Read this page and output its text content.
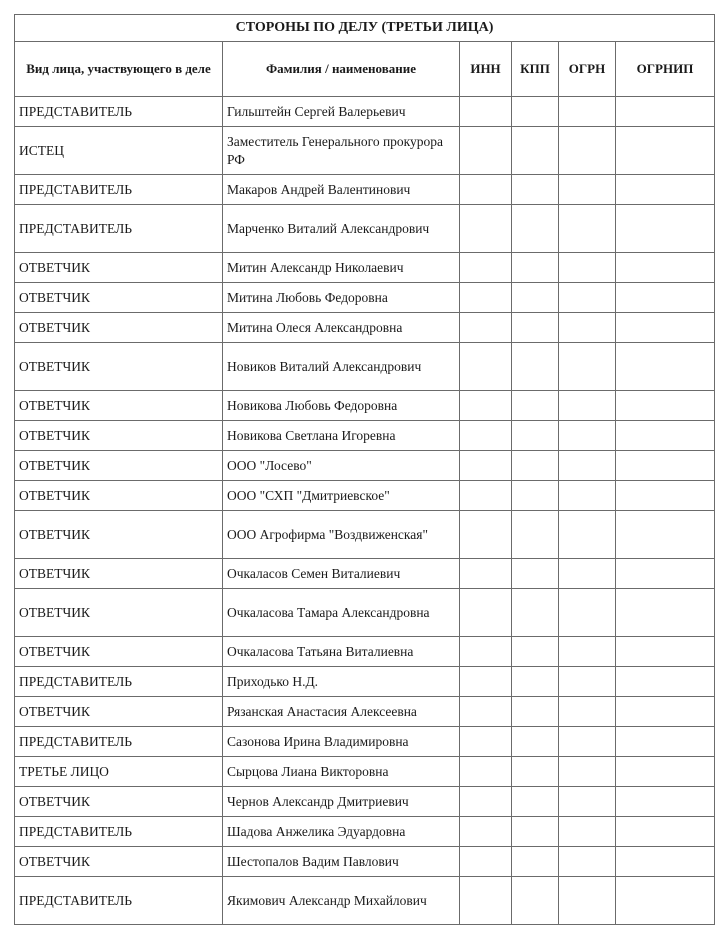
СТОРОНЫ ПО ДЕЛУ (ТРЕТЬИ ЛИЦА)					
Вид лица, участвующего в деле	Фамилия / наименование	ИНН	КПП	ОГРН	ОГРНИП
ПРЕДСТАВИТЕЛЬ	Гильштейн Сергей Валерьевич				
ИСТЕЦ	Заместитель Генерального прокурора РФ				
ПРЕДСТАВИТЕЛЬ	Макаров Андрей Валентинович				
ПРЕДСТАВИТЕЛЬ	Марченко Виталий Александрович				
ОТВЕТЧИК	Митин Александр Николаевич				
ОТВЕТЧИК	Митина Любовь Федоровна				
ОТВЕТЧИК	Митина Олеся Александровна				
ОТВЕТЧИК	Новиков Виталий Александрович				
ОТВЕТЧИК	Новикова Любовь Федоровна				
ОТВЕТЧИК	Новикова Светлана Игоревна				
ОТВЕТЧИК	ООО "Лосево"				
ОТВЕТЧИК	ООО "СХП "Дмитриевское"				
ОТВЕТЧИК	ООО Агрофирма "Воздвиженская"				
ОТВЕТЧИК	Очкаласов Семен Виталиевич				
ОТВЕТЧИК	Очкаласова Тамара Александровна				
ОТВЕТЧИК	Очкаласова Татьяна Виталиевна				
ПРЕДСТАВИТЕЛЬ	Приходько Н.Д.				
ОТВЕТЧИК	Рязанская Анастасия Алексеевна				
ПРЕДСТАВИТЕЛЬ	Сазонова Ирина Владимировна				
ТРЕТЬЕ ЛИЦО	Сырцова Лиана Викторовна				
ОТВЕТЧИК	Чернов Александр Дмитриевич				
ПРЕДСТАВИТЕЛЬ	Шадова Анжелика Эдуардовна				
ОТВЕТЧИК	Шестопалов Вадим Павлович				
ПРЕДСТАВИТЕЛЬ	Якимович Александр Михайлович				
